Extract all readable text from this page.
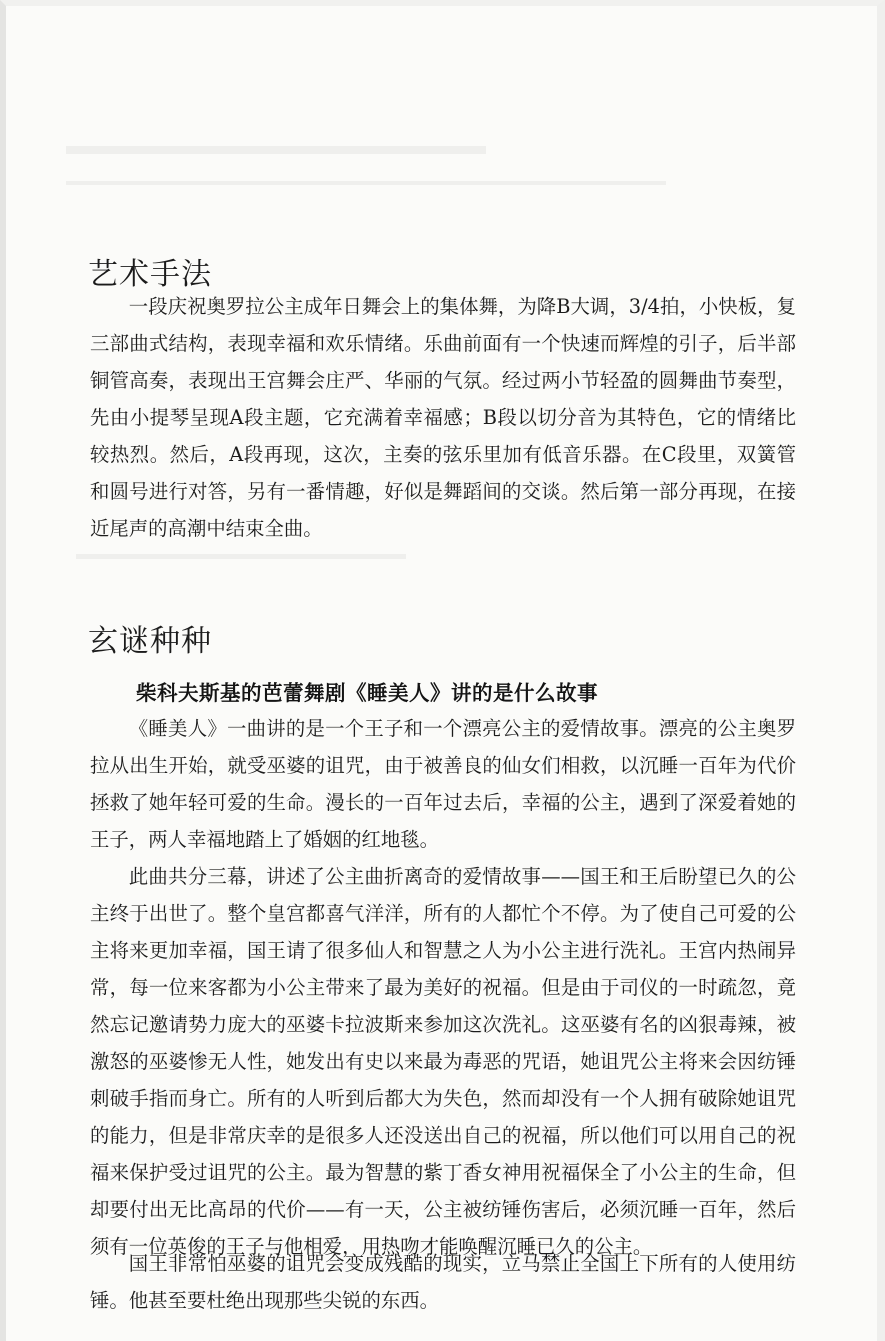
艺术手法

一段庆祝奥罗拉公主成年日舞会上的集体舞，为降B大调，3/4拍，小快板，复三部曲式结构，表现幸福和欢乐情绪。乐曲前面有一个快速而辉煌的引子，后半部铜管高奏，表现出王宫舞会庄严、华丽的气氛。经过两小节轻盈的圆舞曲节奏型，先由小提琴呈现A段主题，它充满着幸福感；B段以切分音为其特色，它的情绪比较热烈。然后，A段再现，这次，主奏的弦乐里加有低音乐器。在C段里，双簧管和圆号进行对答，另有一番情趣，好似是舞蹈间的交谈。然后第一部分再现，在接近尾声的高潮中结束全曲。

玄谜种种
柴科夫斯基的芭蕾舞剧《睡美人》讲的是什么故事

《睡美人》一曲讲的是一个王子和一个漂亮公主的爱情故事。漂亮的公主奥罗拉从出生开始，就受巫婆的诅咒，由于被善良的仙女们相救，以沉睡一百年为代价拯救了她年轻可爱的生命。漫长的一百年过去后，幸福的公主，遇到了深爱着她的王子，两人幸福地踏上了婚姻的红地毯。

此曲共分三幕，讲述了公主曲折离奇的爱情故事——国王和王后盼望已久的公主终于出世了。整个皇宫都喜气洋洋，所有的人都忙个不停。为了使自己可爱的公主将来更加幸福，国王请了很多仙人和智慧之人为小公主进行洗礼。王宫内热闹异常，每一位来客都为小公主带来了最为美好的祝福。但是由于司仪的一时疏忽，竟然忘记邀请势力庞大的巫婆卡拉波斯来参加这次洗礼。这巫婆有名的凶狠毒辣，被激怒的巫婆惨无人性，她发出有史以来最为毒恶的咒语，她诅咒公主将来会因纺锤刺破手指而身亡。所有的人听到后都大为失色，然而却没有一个人拥有破除她诅咒的能力，但是非常庆幸的是很多人还没送出自己的祝福，所以他们可以用自己的祝福来保护受过诅咒的公主。最为智慧的紫丁香女神用祝福保全了小公主的生命，但却要付出无比高昂的代价——有一天，公主被纺锤伤害后，必须沉睡一百年，然后须有一位英俊的王子与他相爱，用热吻才能唤醒沉睡已久的公主。

国王非常怕巫婆的诅咒会变成残酷的现实，立马禁止全国上下所有的人使用纺锤。他甚至要杜绝出现那些尖锐的东西。
